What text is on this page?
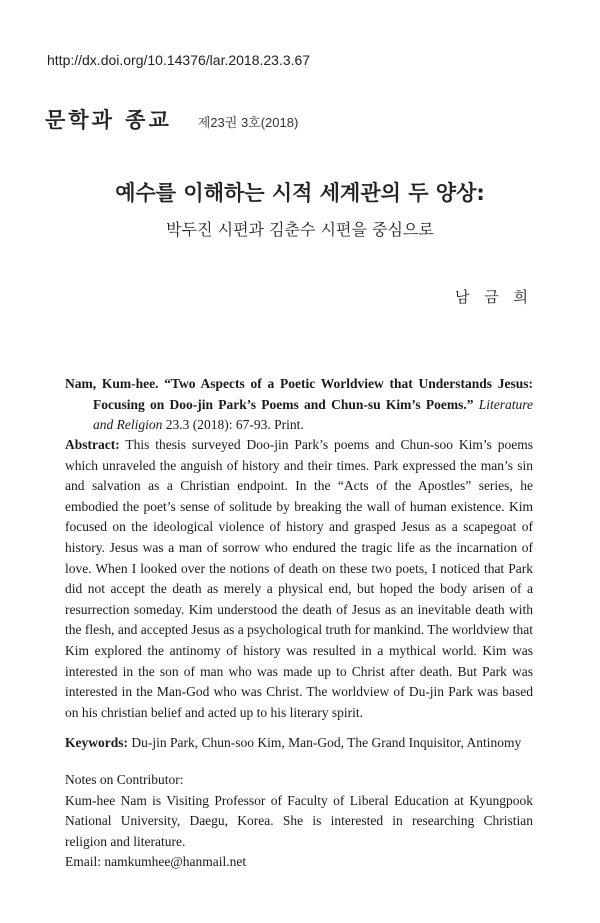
http://dx.doi.org/10.14376/lar.2018.23.3.67
문학과 종교 제23권 3호(2018)
예수를 이해하는 시적 세계관의 두 양상:
박두진 시편과 김춘수 시편을 중심으로
남 금 희
Nam, Kum-hee. “Two Aspects of a Poetic Worldview that Understands Jesus: Focusing on Doo-jin Park’s Poems and Chun-su Kim’s Poems.” Literature and Religion 23.3 (2018): 67-93. Print.
Abstract: This thesis surveyed Doo-jin Park’s poems and Chun-soo Kim’s poems which unraveled the anguish of history and their times. Park expressed the man’s sin and salvation as a Christian endpoint. In the “Acts of the Apostles” series, he embodied the poet’s sense of solitude by breaking the wall of human existence. Kim focused on the ideological violence of history and grasped Jesus as a scapegoat of history. Jesus was a man of sorrow who endured the tragic life as the incarnation of love. When I looked over the notions of death on these two poets, I noticed that Park did not accept the death as merely a physical end, but hoped the body arisen of a resurrection someday. Kim understood the death of Jesus as an inevitable death with the flesh, and accepted Jesus as a psychological truth for mankind. The worldview that Kim explored the antinomy of history was resulted in a mythical world. Kim was interested in the son of man who was made up to Christ after death. But Park was interested in the Man-God who was Christ. The worldview of Du-jin Park was based on his christian belief and acted up to his literary spirit.
Keywords: Du-jin Park, Chun-soo Kim, Man-God, The Grand Inquisitor, Antinomy
Notes on Contributor:
Kum-hee Nam is Visiting Professor of Faculty of Liberal Education at Kyungpook
National University, Daegu, Korea. She is interested in researching Christian
religion and literature.
Email: namkumhee@hanmail.net
